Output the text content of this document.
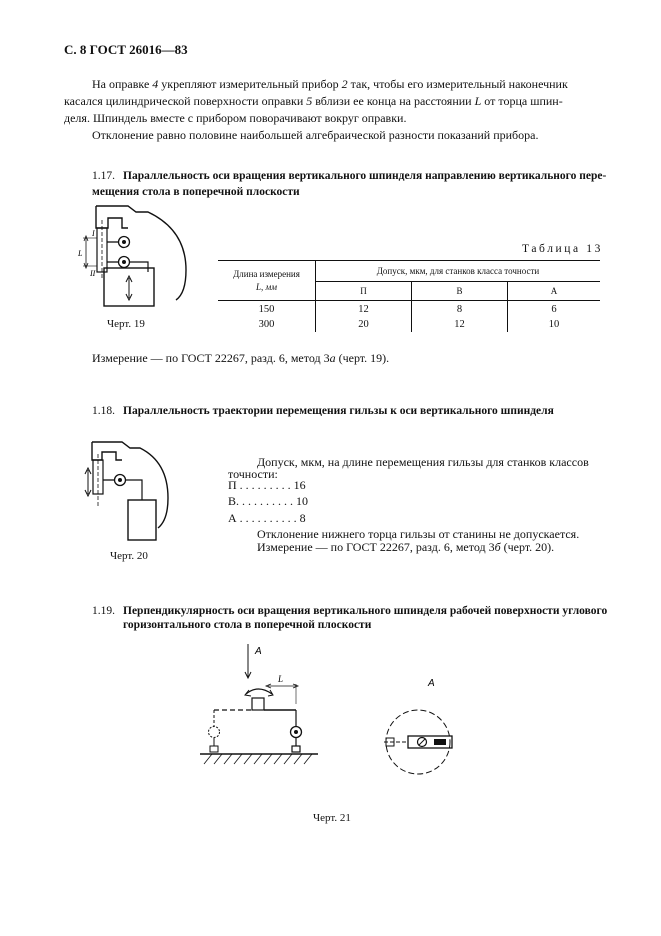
С. 8 ГОСТ 26016—83
На оправке 4 укрепляют измерительный прибор 2 так, чтобы его измерительный наконечник
касался цилиндрической поверхности оправки 5 вблизи ее конца на расстоянии L от торца шпин-
деля. Шпиндель вместе с прибором поворачивают вокруг оправки.
Отклонение равно половине наибольшей алгебраической разности показаний прибора.
1.17. Параллельность оси вращения вертикального шпинделя направлению вертикального пере-
мещения стола в поперечной плоскости
I
L
II
Черт. 19
Таблица 13
Длина измерения
L, мм	Допуск, мкм, для станков класса точности		
	П	В	А
150	12	8	6
300	20	12	10
Измерение — по ГОСТ 22267, разд. 6, метод 3а (черт. 19).
1.18. Параллельность траектории перемещения гильзы к оси вертикального шпинделя
Черт. 20
Допуск, мкм, на длине перемещения гильзы для станков классов
точности:
П . . . . . . . . . 16
В. . . . . . . . . . 10
А . . . . . . . . . . 8
Отклонение нижнего торца гильзы от станины не допускается.
Измерение — по ГОСТ 22267, разд. 6, метод 3б (черт. 20).
1.19. Перпендикулярность оси вращения вертикального шпинделя рабочей поверхности углового
горизонтального стола в поперечной плоскости
А
L	А
Черт. 21
